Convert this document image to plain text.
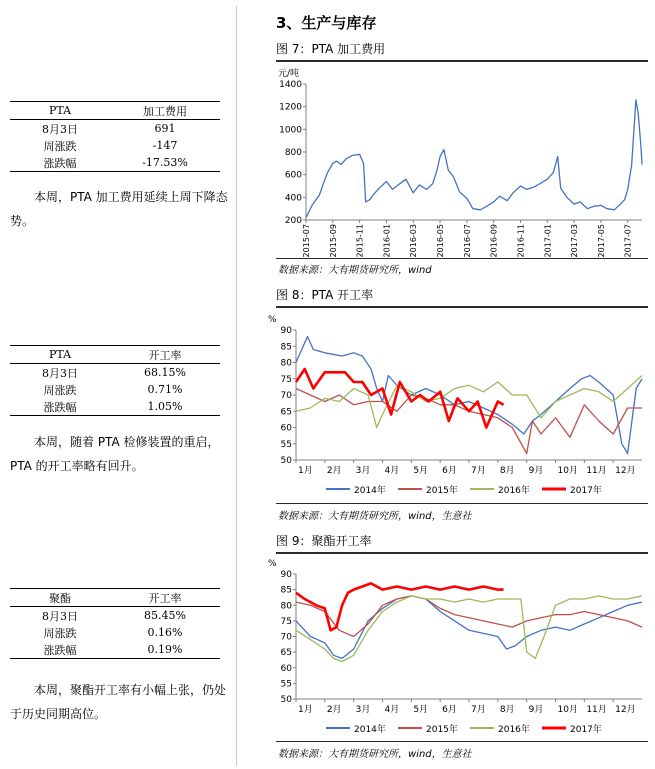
PTA	加工费用
8月3日	691
周涨跌	-147
涨跌幅	-17.53%
本周，PTA 加工费用延续上周下降态势。
PTA	开工率
8月3日	68.15%
周涨跌	0.71%
涨跌幅	1.05%
本周，随着 PTA 检修装置的重启，PTA 的开工率略有回升。
聚酯	开工率
8月3日	85.45%
周涨跌	0.16%
涨跌幅	0.19%
本周，聚酯开工率有小幅上张，仍处于历史同期高位。
3、生产与库存
图 7：PTA 加工费用
元/吨
200
400
600
800
1000
1200
1400
2015-07 2015-09 2015-11 2016-01 2016-03 2016-05 2016-07 2016-09 2016-11 2017-01 2017-03 2017-05 2017-07
数据来源：大有期货研究所，wind
图 8：PTA 开工率
%
50
55
60
65
70
75
80
85
90
1月 2月 3月 4月 5月 6月 7月 8月 9月 10月 11月 12月
2014年	2015年	2016年	2017年
数据来源：大有期货研究所，wind，生意社
图 9：聚酯开工率
%
50
55
60
65
70
75
80
85
90
1月 2月 3月 4月 5月 6月 7月 8月 9月 10月 11月 12月
2014年	2015年	2016年	2017年
数据来源：大有期货研究所，wind，生意社
